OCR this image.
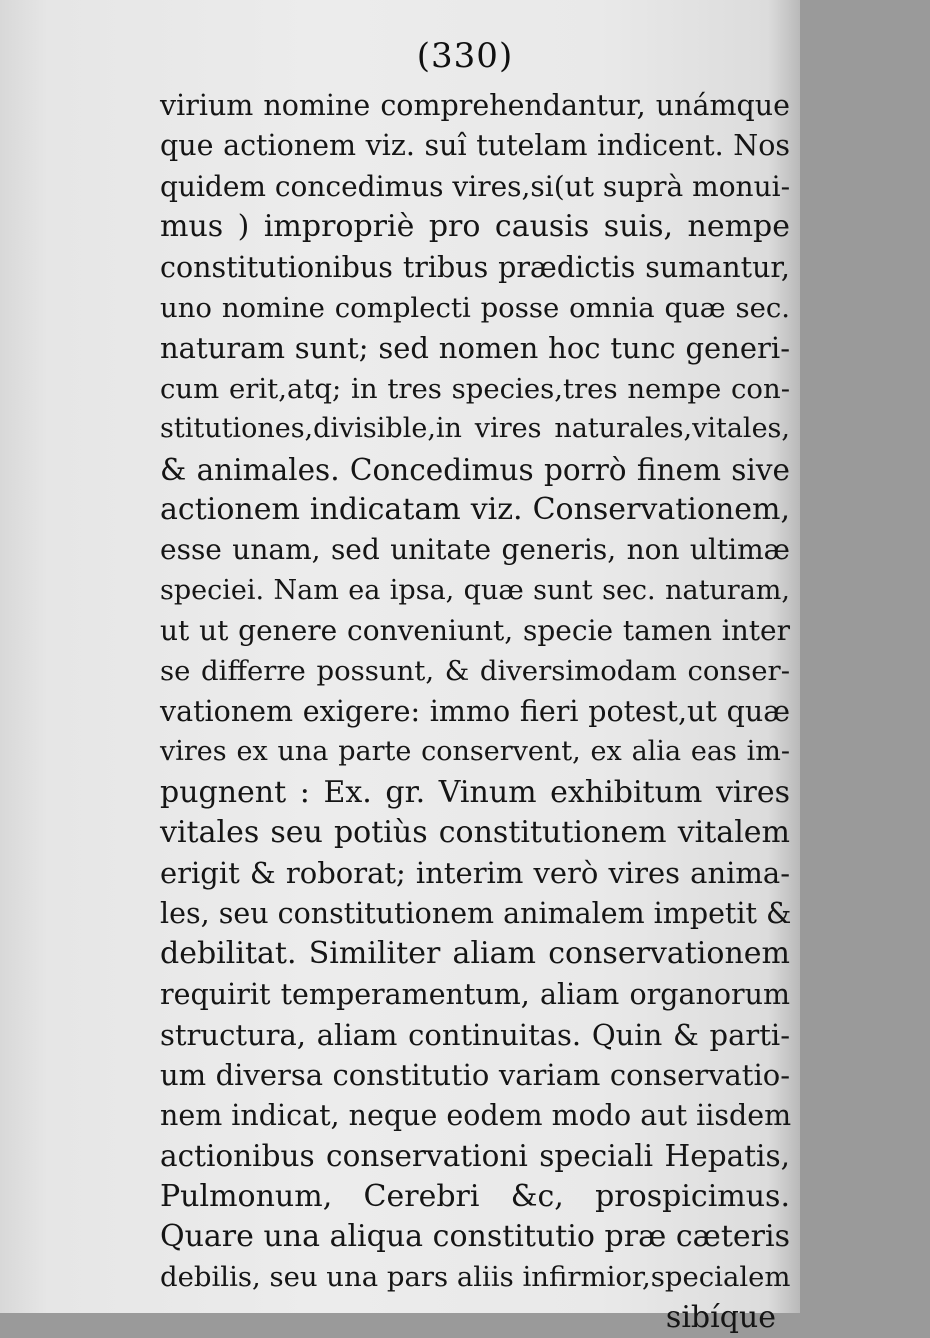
(330)
virium nomine comprehendantur, unámque
que actionem viz. suî tutelam indicent. Nos
quidem concedimus vires,si(ut suprà monui-
mus ) impropriè pro causis suis, nempe
constitutionibus tribus prædictis sumantur,
uno nomine complecti posse omnia quæ sec.
naturam sunt; sed nomen hoc tunc generi-
cum erit,atq; in tres species,tres nempe con-
stitutiones,divisible,in vires naturales,vitales,
& animales. Concedimus porrò finem sive
actionem indicatam viz. Conservationem,
esse unam, sed unitate generis, non ultimæ
speciei. Nam ea ipsa, quæ sunt sec. naturam,
ut ut genere conveniunt, specie tamen inter
se differre possunt, & diversimodam conser-
vationem exigere: immo fieri potest,ut quæ
vires ex una parte conservent, ex alia eas im-
pugnent : Ex. gr. Vinum exhibitum vires
vitales seu potiùs constitutionem vitalem
erigit & roborat; interim verò vires anima-
les, seu constitutionem animalem impetit &
debilitat. Similiter aliam conservationem
requirit temperamentum, aliam organorum
structura, aliam continuitas. Quin & parti-
um diversa constitutio variam conservatio-
nem indicat, neque eodem modo aut iisdem
actionibus conservationi speciali Hepatis,
Pulmonum, Cerebri &c, prospicimus.
Quare una aliqua constitutio præ cæteris
debilis, seu una pars aliis infirmior,specialem
sibíque
